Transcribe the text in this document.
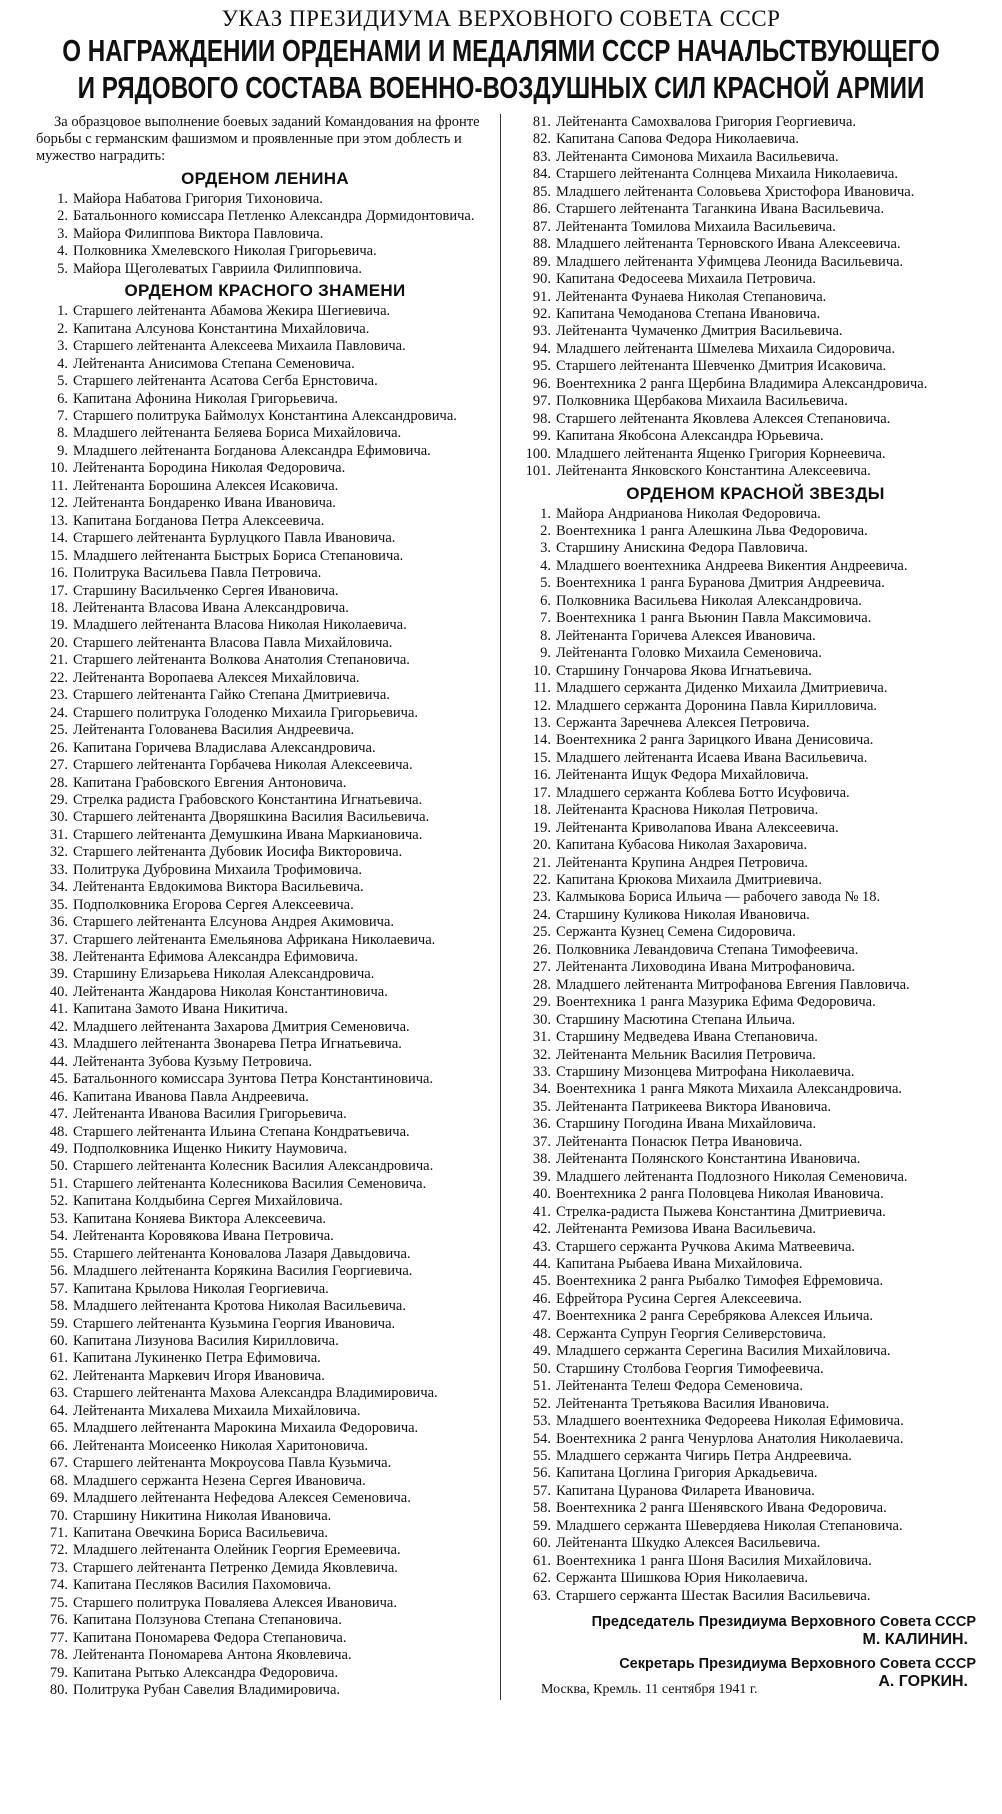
УКАЗ ПРЕЗИДИУМА ВЕРХОВНОГО СОВЕТА СССР
О НАГРАЖДЕНИИ ОРДЕНАМИ И МЕДАЛЯМИ СССР НАЧАЛЬСТВУЮЩЕГО
И РЯДОВОГО СОСТАВА ВОЕННО-ВОЗДУШНЫХ СИЛ КРАСНОЙ АРМИИ

За образцовое выполнение боевых заданий Командования на фронте борьбы с германским фашизмом и проявленные при этом доблесть и мужество наградить:

ОРДЕНОМ ЛЕНИНА
1. Майора Набатова Григория Тихоновича.
2. Батальонного комиссара Петленко Александра Дормидонтовича.
3. Майора Филиппова Виктора Павловича.
4. Полковника Хмелевского Николая Григорьевича.
5. Майора Щеголеватых Гавриила Филипповича.
ОРДЕНОМ КРАСНОГО ЗНАМЕНИ
1. Старшего лейтенанта Абамова Жекира Шегиевича.
2. Капитана Алсунова Константина Михайловича.
3. Старшего лейтенанта Алексеева Михаила Павловича.
4. Лейтенанта Анисимова Степана Семеновича.
5. Старшего лейтенанта Асатова Сегба Ернстовича.
6. Капитана Афонина Николая Григорьевича.
7. Старшего политрука Баймолух Константина Александровича.
8. Младшего лейтенанта Беляева Бориса Михайловича.
9. Младшего лейтенанта Богданова Александра Ефимовича.
10. Лейтенанта Бородина Николая Федоровича.
11. Лейтенанта Борошина Алексея Исаковича.
12. Лейтенанта Бондаренко Ивана Ивановича.
13. Капитана Богданова Петра Алексеевича.
14. Старшего лейтенанта Бурлуцкого Павла Ивановича.
15. Младшего лейтенанта Быстрых Бориса Степановича.
16. Политрука Васильева Павла Петровича.
17. Старшину Васильченко Сергея Ивановича.
18. Лейтенанта Власова Ивана Александровича.
19. Младшего лейтенанта Власова Николая Николаевича.
20. Старшего лейтенанта Власова Павла Михайловича.
21. Старшего лейтенанта Волкова Анатолия Степановича.
22. Лейтенанта Воропаева Алексея Михайловича.
23. Старшего лейтенанта Гайко Степана Дмитриевича.
24. Старшего политрука Голоденко Михаила Григорьевича.
25. Лейтенанта Голованева Василия Андреевича.
26. Капитана Горичева Владислава Александровича.
27. Старшего лейтенанта Горбачева Николая Алексеевича.
28. Капитана Грабовского Евгения Антоновича.
29. Стрелка радиста Грабовского Константина Игнатьевича.
30. Старшего лейтенанта Дворяшкина Василия Васильевича.
31. Старшего лейтенанта Демушкина Ивана Маркиановича.
32. Старшего лейтенанта Дубовик Иосифа Викторовича.
33. Политрука Дубровина Михаила Трофимовича.
34. Лейтенанта Евдокимова Виктора Васильевича.
35. Подполковника Егорова Сергея Алексеевича.
36. Старшего лейтенанта Елсунова Андрея Акимовича.
37. Старшего лейтенанта Емельянова Африкана Николаевича.
38. Лейтенанта Ефимова Александра Ефимовича.
39. Старшину Елизарьева Николая Александровича.
40. Лейтенанта Жандарова Николая Константиновича.
41. Капитана Замото Ивана Никитича.
42. Младшего лейтенанта Захарова Дмитрия Семеновича.
43. Младшего лейтенанта Звонарева Петра Игнатьевича.
44. Лейтенанта Зубова Кузьму Петровича.
45. Батальонного комиссара Зунтова Петра Константиновича.
46. Капитана Иванова Павла Андреевича.
47. Лейтенанта Иванова Василия Григорьевича.
48. Старшего лейтенанта Ильина Степана Кондратьевича.
49. Подполковника Ищенко Никиту Наумовича.
50. Старшего лейтенанта Колесник Василия Александровича.
51. Старшего лейтенанта Колесникова Василия Семеновича.
52. Капитана Колдыбина Сергея Михайловича.
53. Капитана Коняева Виктора Алексеевича.
54. Лейтенанта Коровякова Ивана Петровича.
55. Старшего лейтенанта Коновалова Лазаря Давыдовича.
56. Младшего лейтенанта Корякина Василия Георгиевича.
57. Капитана Крылова Николая Георгиевича.
58. Младшего лейтенанта Кротова Николая Васильевича.
59. Старшего лейтенанта Кузьмина Георгия Ивановича.
60. Капитана Лизунова Василия Кирилловича.
61. Капитана Лукиненко Петра Ефимовича.
62. Лейтенанта Маркевич Игоря Ивановича.
63. Старшего лейтенанта Махова Александра Владимировича.
64. Лейтенанта Михалева Михаила Михайловича.
65. Младшего лейтенанта Марокина Михаила Федоровича.
66. Лейтенанта Моисеенко Николая Харитоновича.
67. Старшего лейтенанта Мокроусова Павла Кузьмича.
68. Младшего сержанта Незена Сергея Ивановича.
69. Младшего лейтенанта Нефедова Алексея Семеновича.
70. Старшину Никитина Николая Ивановича.
71. Капитана Овечкина Бориса Васильевича.
72. Младшего лейтенанта Олейник Георгия Еремеевича.
73. Старшего лейтенанта Петренко Демида Яковлевича.
74. Капитана Песляков Василия Пахомовича.
75. Старшего политрука Поваляева Алексея Ивановича.
76. Капитана Ползунова Степана Степановича.
77. Капитана Пономарева Федора Степановича.
78. Лейтенанта Пономарева Антона Яковлевича.
79. Капитана Рытько Александра Федоровича.
80. Политрука Рубан Савелия Владимировича.
81. Лейтенанта Самохвалова Григория Георгиевича.
82. Капитана Сапова Федора Николаевича.
83. Лейтенанта Симонова Михаила Васильевича.
84. Старшего лейтенанта Солнцева Михаила Николаевича.
85. Младшего лейтенанта Соловьева Христофора Ивановича.
86. Старшего лейтенанта Таганкина Ивана Васильевича.
87. Лейтенанта Томилова Михаила Васильевича.
88. Младшего лейтенанта Терновского Ивана Алексеевича.
89. Младшего лейтенанта Уфимцева Леонида Васильевича.
90. Капитана Федосеева Михаила Петровича.
91. Лейтенанта Фунаева Николая Степановича.
92. Капитана Чемоданова Степана Ивановича.
93. Лейтенанта Чумаченко Дмитрия Васильевича.
94. Младшего лейтенанта Шмелева Михаила Сидоровича.
95. Старшего лейтенанта Шевченко Дмитрия Исаковича.
96. Воентехника 2 ранга Щербина Владимира Александровича.
97. Полковника Щербакова Михаила Васильевича.
98. Старшего лейтенанта Яковлева Алексея Степановича.
99. Капитана Якобсона Александра Юрьевича.
100. Младшего лейтенанта Ященко Григория Корнеевича.
101. Лейтенанта Янковского Константина Алексеевича.
ОРДЕНОМ КРАСНОЙ ЗВЕЗДЫ
1. Майора Андрианова Николая Федоровича.
2. Воентехника 1 ранга Алешкина Льва Федоровича.
3. Старшину Анискина Федора Павловича.
4. Младшего воентехника Андреева Викентия Андреевича.
5. Воентехника 1 ранга Буранова Дмитрия Андреевича.
6. Полковника Васильева Николая Александровича.
7. Воентехника 1 ранга Вьюнин Павла Максимовича.
8. Лейтенанта Горичева Алексея Ивановича.
9. Лейтенанта Головко Михаила Семеновича.
10. Старшину Гончарова Якова Игнатьевича.
11. Младшего сержанта Диденко Михаила Дмитриевича.
12. Младшего сержанта Доронина Павла Кирилловича.
13. Сержанта Заречнева Алексея Петровича.
14. Воентехника 2 ранга Зарицкого Ивана Денисовича.
15. Младшего лейтенанта Исаева Ивана Васильевича.
16. Лейтенанта Ищук Федора Михайловича.
17. Младшего сержанта Коблева Ботто Исуфовича.
18. Лейтенанта Краснова Николая Петровича.
19. Лейтенанта Криволапова Ивана Алексеевича.
20. Капитана Кубасова Николая Захаровича.
21. Лейтенанта Крупина Андрея Петровича.
22. Капитана Крюкова Михаила Дмитриевича.
23. Калмыкова Бориса Ильича — рабочего завода № 18.
24. Старшину Куликова Николая Ивановича.
25. Сержанта Кузнец Семена Сидоровича.
26. Полковника Левандовича Степана Тимофеевича.
27. Лейтенанта Лиховодина Ивана Митрофановича.
28. Младшего лейтенанта Митрофанова Евгения Павловича.
29. Воентехника 1 ранга Мазурика Ефима Федоровича.
30. Старшину Масютина Степана Ильича.
31. Старшину Медведева Ивана Степановича.
32. Лейтенанта Мельник Василия Петровича.
33. Старшину Мизонцева Митрофана Николаевича.
34. Воентехника 1 ранга Мякота Михаила Александровича.
35. Лейтенанта Патрикеева Виктора Ивановича.
36. Старшину Погодина Ивана Михайловича.
37. Лейтенанта Понасюк Петра Ивановича.
38. Лейтенанта Полянского Константина Ивановича.
39. Младшего лейтенанта Подлозного Николая Семеновича.
40. Воентехника 2 ранга Половцева Николая Ивановича.
41. Стрелка-радиста Пыжева Константина Дмитриевича.
42. Лейтенанта Ремизова Ивана Васильевича.
43. Старшего сержанта Ручкова Акима Матвеевича.
44. Капитана Рыбаева Ивана Михайловича.
45. Воентехника 2 ранга Рыбалко Тимофея Ефремовича.
46. Ефрейтора Русина Сергея Алексеевича.
47. Воентехника 2 ранга Серебрякова Алексея Ильича.
48. Сержанта Супрун Георгия Селиверстовича.
49. Младшего сержанта Серегина Василия Михайловича.
50. Старшину Столбова Георгия Тимофеевича.
51. Лейтенанта Телеш Федора Семеновича.
52. Лейтенанта Третьякова Василия Ивановича.
53. Младшего воентехника Федореева Николая Ефимовича.
54. Воентехника 2 ранга Ченурлова Анатолия Николаевича.
55. Младшего сержанта Чигирь Петра Андреевича.
56. Капитана Цоглина Григория Аркадьевича.
57. Капитана Цуранова Филарета Ивановича.
58. Воентехника 2 ранга Шенявского Ивана Федоровича.
59. Младшего сержанта Шевердяева Николая Степановича.
60. Лейтенанта Шкудко Алексея Васильевича.
61. Воентехника 1 ранга Шоня Василия Михайловича.
62. Сержанта Шишкова Юрия Николаевича.
63. Старшего сержанта Шестак Василия Васильевича.
Председатель Президиума Верховного Совета СССР
М. КАЛИНИН.
Секретарь Президиума Верховного Совета СССР
А. ГОРКИН.
Москва, Кремль. 11 сентября 1941 г.
